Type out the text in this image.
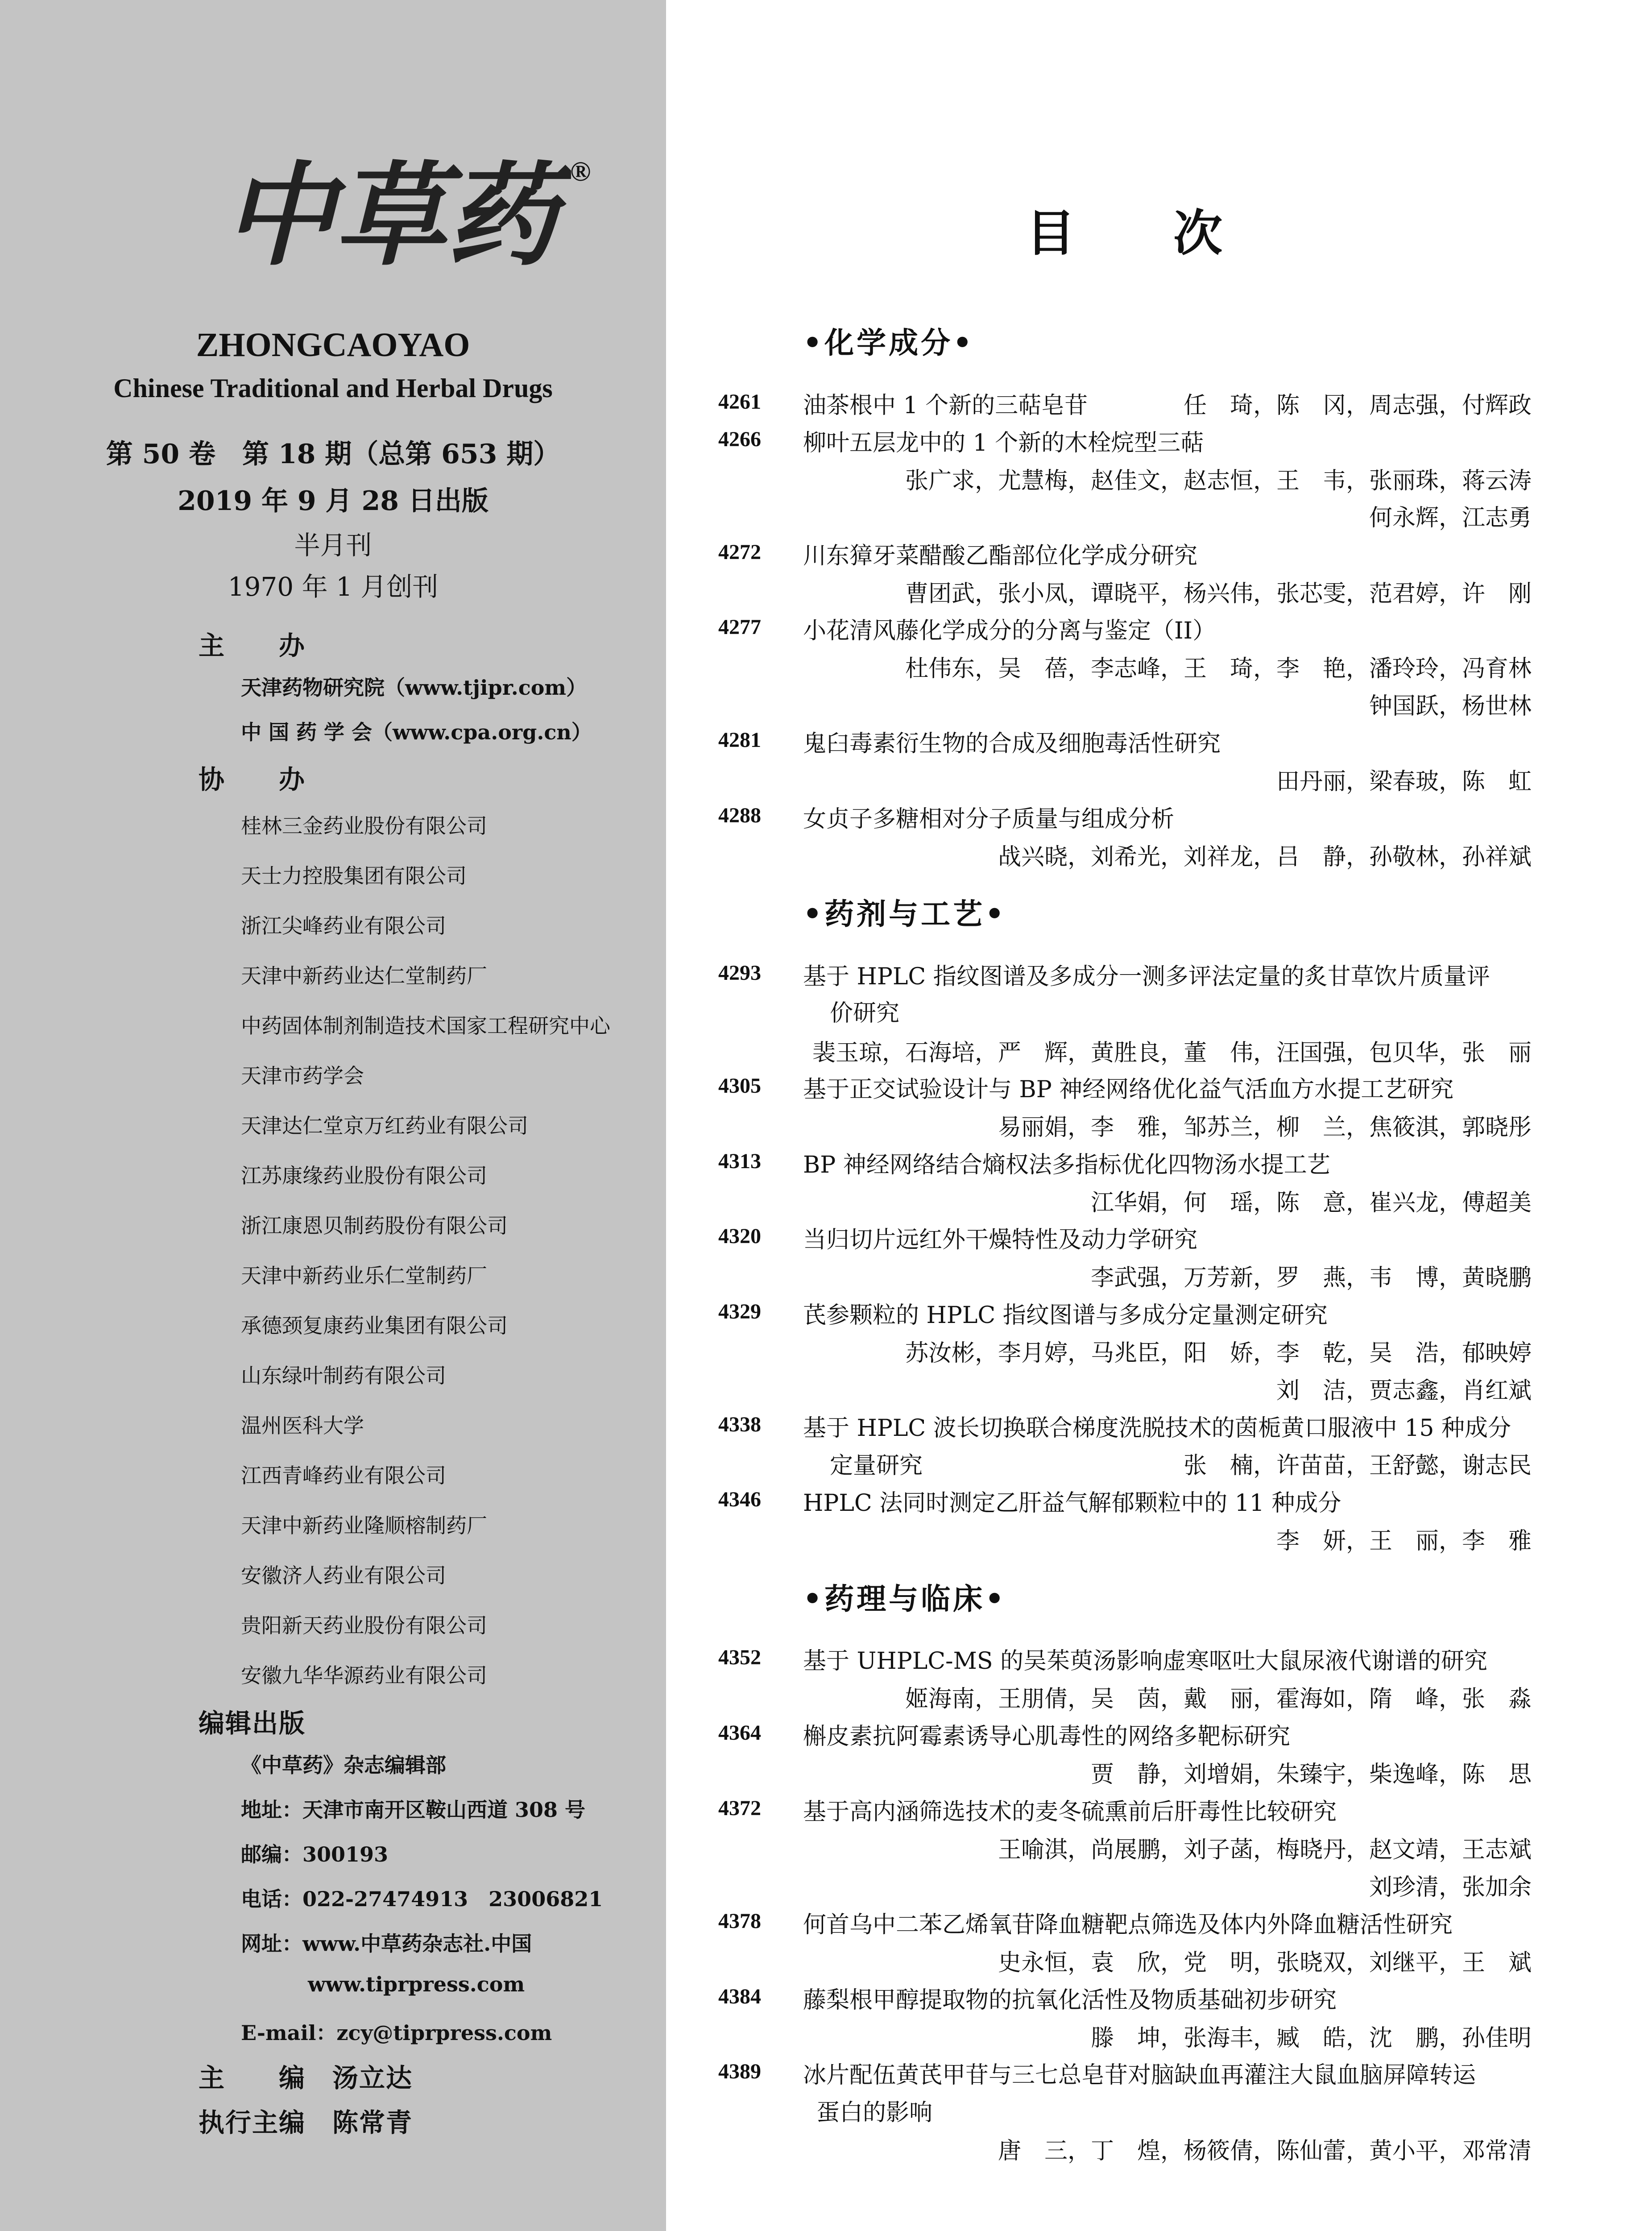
中草药 ®
ZHONGCAOYAO
Chinese Traditional and Herbal Drugs
第 50 卷　第 18 期（总第 653 期）
2019 年 9 月 28 日出版
半月刊
1970 年 1 月创刊
主　　办
天津药物研究院（www.tjipr.com）
中 国 药 学 会（www.cpa.org.cn）
协　　办
桂林三金药业股份有限公司
天士力控股集团有限公司
浙江尖峰药业有限公司
天津中新药业达仁堂制药厂
中药固体制剂制造技术国家工程研究中心
天津市药学会
天津达仁堂京万红药业有限公司
江苏康缘药业股份有限公司
浙江康恩贝制药股份有限公司
天津中新药业乐仁堂制药厂
承德颈复康药业集团有限公司
山东绿叶制药有限公司
温州医科大学
江西青峰药业有限公司
天津中新药业隆顺榕制药厂
安徽济人药业有限公司
贵阳新天药业股份有限公司
安徽九华华源药业有限公司
编辑出版
《中草药》杂志编辑部
地址：天津市南开区鞍山西道 308 号
邮编：300193
电话：022-27474913　23006821
网址：www.中草药杂志社.中国
www.tiprpress.com
E-mail：zcy@tiprpress.com
主　　编　汤立达
执行主编　陈常青
目　　次
•化学成分•
4261 油茶根中 1 个新的三萜皂苷	任　琦，陈　冈，周志强，付辉政
4266 柳叶五层龙中的 1 个新的木栓烷型三萜
张广求，尤慧梅，赵佳文，赵志恒，王　韦，张丽珠，蒋云涛
何永辉，江志勇
4272 川东獐牙菜醋酸乙酯部位化学成分研究
曹团武，张小凤，谭晓平，杨兴伟，张芯雯，范君婷，许　刚
4277 小花清风藤化学成分的分离与鉴定（II）
杜伟东，吴　蓓，李志峰，王　琦，李　艳，潘玲玲，冯育林
钟国跃，杨世林
4281 鬼臼毒素衍生物的合成及细胞毒活性研究
田丹丽，梁春玻，陈　虹
4288 女贞子多糖相对分子质量与组成分析
战兴晓，刘希光，刘祥龙，吕　静，孙敬林，孙祥斌
•药剂与工艺•
4293 基于 HPLC 指纹图谱及多成分一测多评法定量的炙甘草饮片质量评
价研究
裴玉琼，石海培，严　辉，黄胜良，董　伟，汪国强，包贝华，张　丽
4305 基于正交试验设计与 BP 神经网络优化益气活血方水提工艺研究
易丽娟，李　雅，邹苏兰，柳　兰，焦筱淇，郭晓彤
4313 BP 神经网络结合熵权法多指标优化四物汤水提工艺
江华娟，何　瑶，陈　意，崔兴龙，傅超美
4320 当归切片远红外干燥特性及动力学研究
李武强，万芳新，罗　燕，韦　博，黄晓鹏
4329 芪参颗粒的 HPLC 指纹图谱与多成分定量测定研究
苏汝彬，李月婷，马兆臣，阳　娇，李　乾，吴　浩，郁映婷
刘　洁，贾志鑫，肖红斌
4338 基于 HPLC 波长切换联合梯度洗脱技术的茵栀黄口服液中 15 种成分
定量研究	张　楠，许苗苗，王舒懿，谢志民
4346 HPLC 法同时测定乙肝益气解郁颗粒中的 11 种成分
李　妍，王　丽，李　雅
•药理与临床•
4352 基于 UHPLC-MS 的吴茱萸汤影响虚寒呕吐大鼠尿液代谢谱的研究
姬海南，王朋倩，吴　茵，戴　丽，霍海如，隋　峰，张　淼
4364 槲皮素抗阿霉素诱导心肌毒性的网络多靶标研究
贾　静，刘增娟，朱臻宇，柴逸峰，陈　思
4372 基于高内涵筛选技术的麦冬硫熏前后肝毒性比较研究
王喻淇，尚展鹏，刘子菡，梅晓丹，赵文靖，王志斌
刘珍清，张加余
4378 何首乌中二苯乙烯氧苷降血糖靶点筛选及体内外降血糖活性研究
史永恒，袁　欣，党　明，张晓双，刘继平，王　斌
4384 藤梨根甲醇提取物的抗氧化活性及物质基础初步研究
滕　坤，张海丰，臧　皓，沈　鹏，孙佳明
4389 冰片配伍黄芪甲苷与三七总皂苷对脑缺血再灌注大鼠血脑屏障转运
蛋白的影响
唐　三，丁　煌，杨筱倩，陈仙蕾，黄小平，邓常清
